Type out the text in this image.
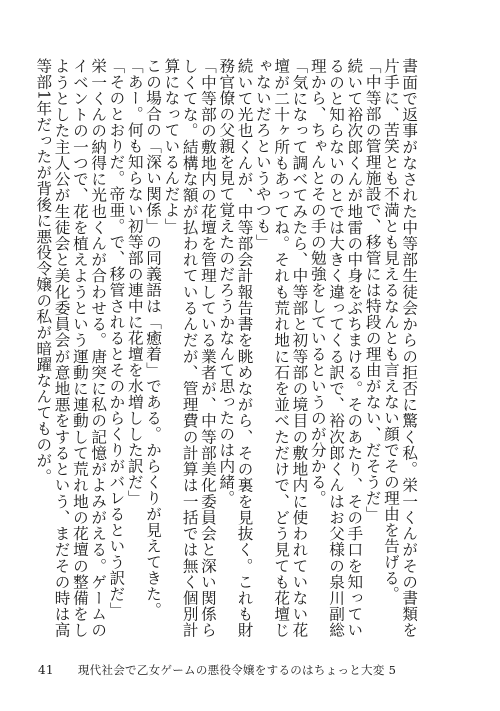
書面で返事がなされた中等部生徒会からの拒否に驚く私。栄一くんがその書類を片手に、苦笑とも不満とも見えるなんとも言えない顔でその理由を告げる。

「中等部の管理施設で、移管には特段の理由がない、だそうだ」

続いて裕次郎くんが地雷の中身をぶちまける。そのあたり、その手口を知っているのと知らないのとでは大きく違ってくる訳で、裕次郎くんはお父様の泉川副総理から、ちゃんとその手の勉強をしているというのが分かる。

「気になって調べてみたら、中等部と初等部の境目の敷地内に使われていない花壇が二十ヶ所もあってね。それも荒れ地に石を並べただけで、どう見ても花壇じゃないだろというやつも」

続いて光也くんが、中等部会計報告書を眺めながら、その裏を見抜く。これも財務官僚の父親を見て覚えたのだろうかなんて思ったのは内緒。

「中等部の敷地内の花壇を管理している業者が、中等部美化委員会と深い関係らしくてな。結構な額が払われているんだが、管理費の計算は一括では無く個別計算になっているんだよ」

この場合の「深い関係」の同義語は「癒着」である。からくりが見えてきた。

「あー。何も知らない初等部の連中に花壇を水増しした訳だ」

「そのとおりだ。帝亜。で、移管されるとそのからくりがバレるという訳だ」

栄一くんの納得に光也くんが合わせる。唐突に私の記憶がよみがえる。ゲームのイベントの一つで、花を植えようという運動に連動して荒れ地の花壇の整備をしようとした主人公が生徒会と美化委員会が意地悪をするという、まだその時は高等部1年だったが背後に悪役令嬢の私が暗躍なんてものが。

41 現代社会で乙女ゲームの悪役令嬢をするのはちょっと大変 5
